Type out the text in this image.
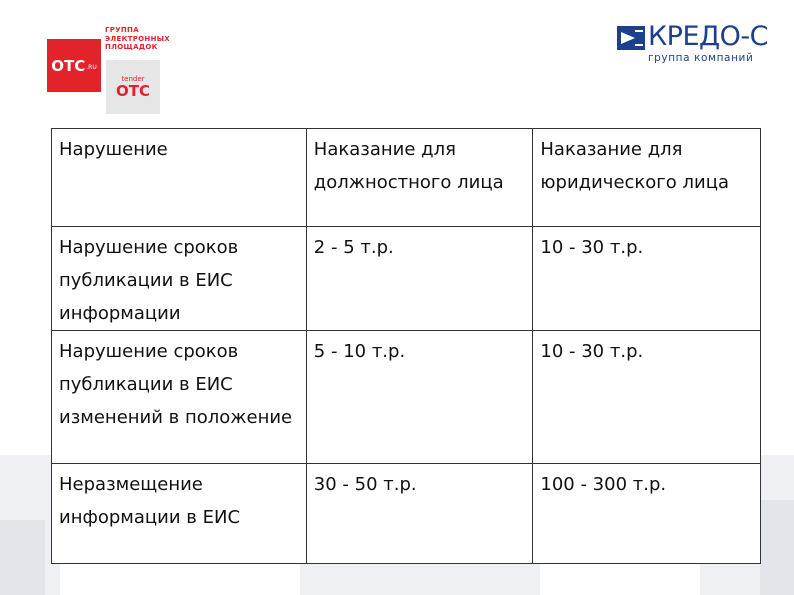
OTC .RU
ГРУППА ЭЛЕКТРОННЫХ ПЛОЩАДОК
tender
OTC
КРЕДО-С
группа компаний
Нарушение	Наказание для должностного лица	Наказание для юридического лица
Нарушение сроков публикации в ЕИС информации	2 - 5 т.р.	10 - 30 т.р.
Нарушение сроков публикации в ЕИС изменений в положение	5 - 10 т.р.	10 - 30 т.р.
Неразмещение информации в ЕИС	30 - 50 т.р.	100 - 300 т.р.
